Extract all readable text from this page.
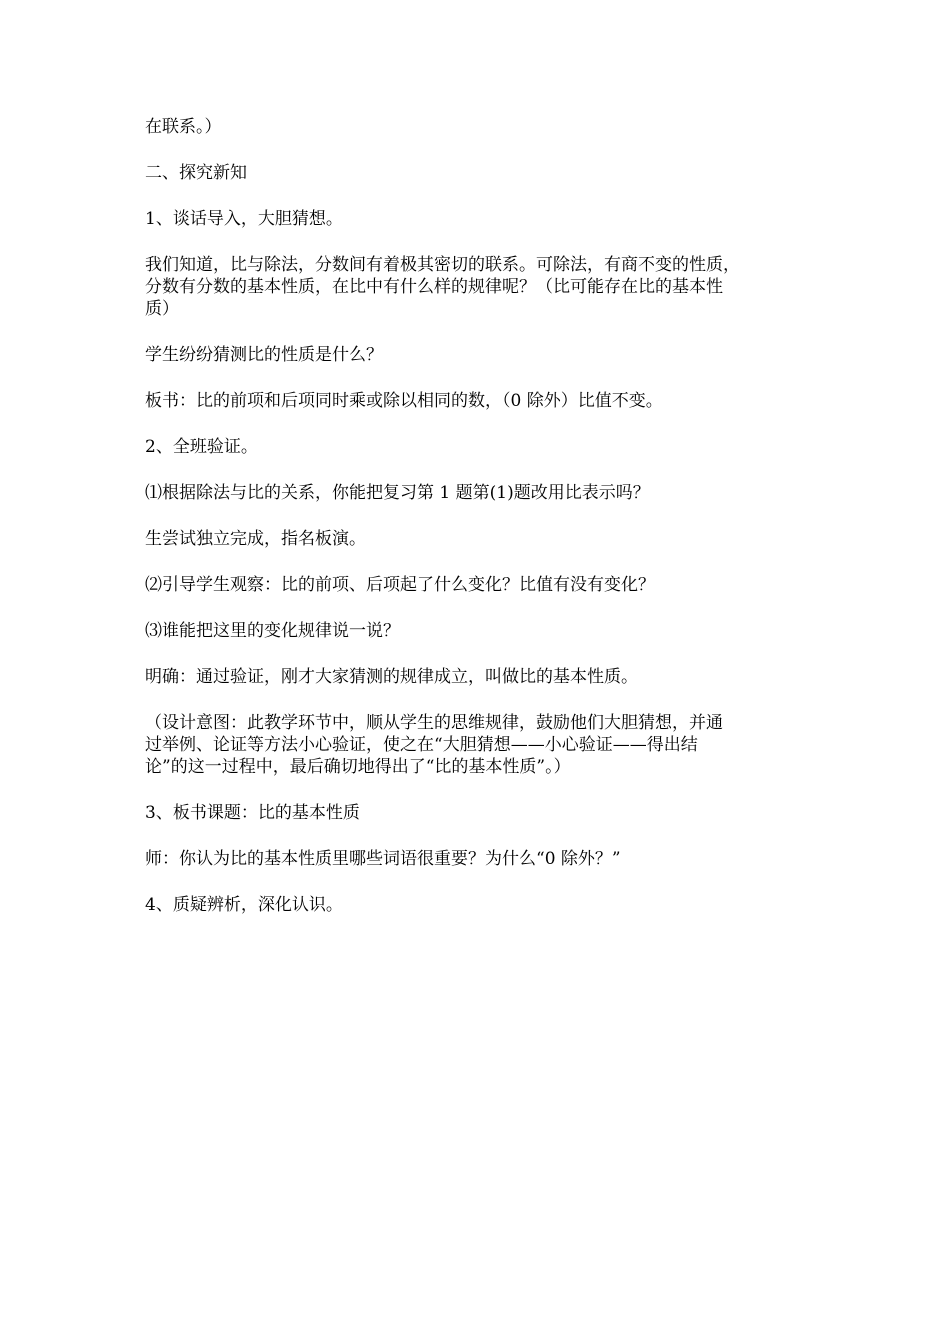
在联系。）

二、探究新知

1、谈话导入，大胆猜想。

我们知道，比与除法，分数间有着极其密切的联系。可除法，有商不变的性质，
分数有分数的基本性质，在比中有什么样的规律呢？（比可能存在比的基本性
质）

学生纷纷猜测比的性质是什么？

板书：比的前项和后项同时乘或除以相同的数，（0 除外）比值不变。

2、全班验证。

⑴根据除法与比的关系，你能把复习第 1 题第(1)题改用比表示吗？

生尝试独立完成，指名板演。

⑵引导学生观察：比的前项、后项起了什么变化？比值有没有变化？

⑶谁能把这里的变化规律说一说？

明确：通过验证，刚才大家猜测的规律成立，叫做比的基本性质。

（设计意图：此教学环节中，顺从学生的思维规律，鼓励他们大胆猜想，并通
过举例、论证等方法小心验证，使之在“大胆猜想——小心验证——得出结
论”的这一过程中，最后确切地得出了“比的基本性质”。）

3、板书课题：比的基本性质

师：你认为比的基本性质里哪些词语很重要？为什么“0 除外？”

4、质疑辨析，深化认识。
